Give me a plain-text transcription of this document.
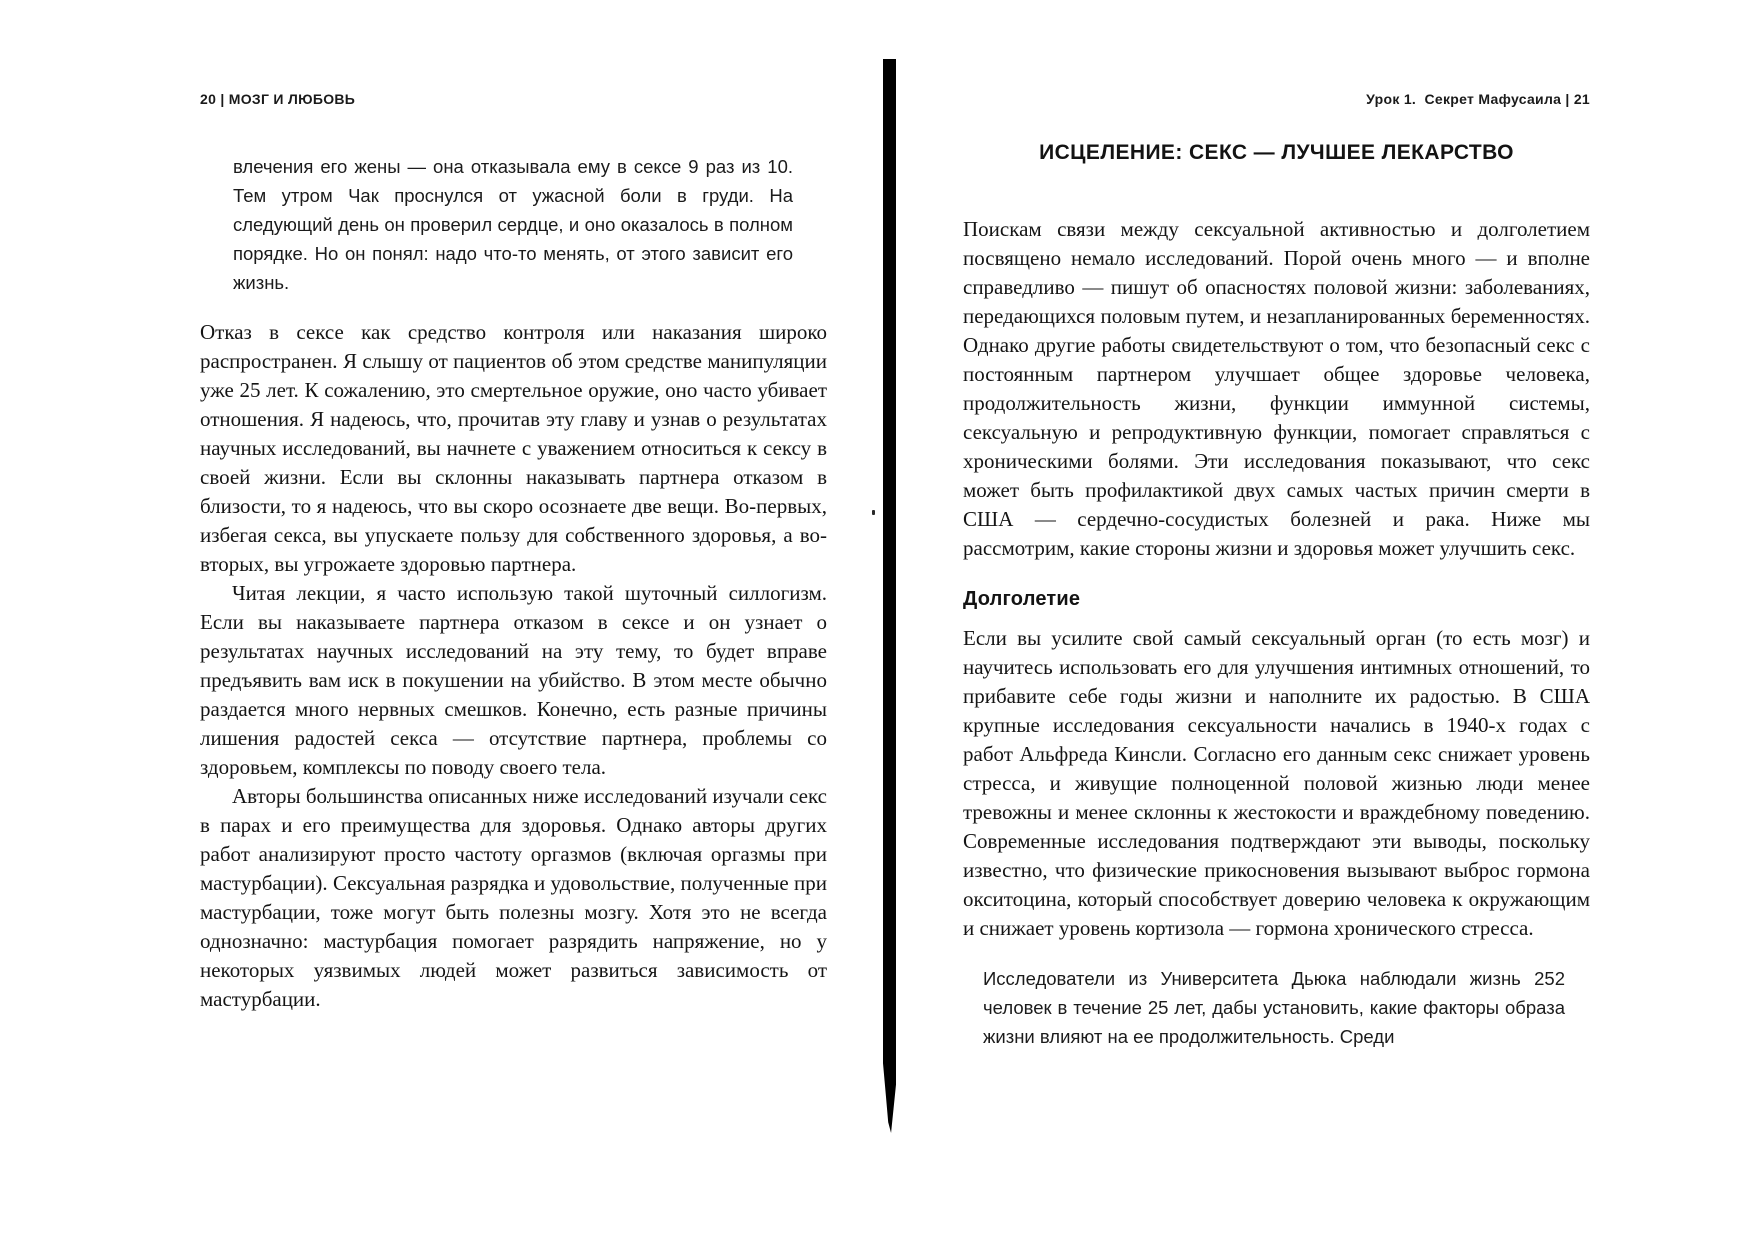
20 | МОЗГ И ЛЮБОВЬ
влечения его жены — она отказывала ему в сексе 9 раз из 10. Тем утром Чак проснулся от ужасной боли в груди. На следующий день он проверил сердце, и оно оказалось в полном порядке. Но он понял: надо что-то менять, от этого зависит его жизнь.

Отказ в сексе как средство контроля или наказания широко распространен. Я слышу от пациентов об этом средстве манипуляции уже 25 лет. К сожалению, это смертельное оружие, оно часто убивает отношения. Я надеюсь, что, прочитав эту главу и узнав о результатах научных исследований, вы начнете с уважением относиться к сексу в своей жизни. Если вы склонны наказывать партнера отказом в близости, то я надеюсь, что вы скоро осознаете две вещи. Во-первых, избегая секса, вы упускаете пользу для собственного здоровья, а во-вторых, вы угрожаете здоровью партнера.

Читая лекции, я часто использую такой шуточный силлогизм. Если вы наказываете партнера отказом в сексе и он узнает о результатах научных исследований на эту тему, то будет вправе предъявить вам иск в покушении на убийство. В этом месте обычно раздается много нервных смешков. Конечно, есть разные причины лишения радостей секса — отсутствие партнера, проблемы со здоровьем, комплексы по поводу своего тела.

Авторы большинства описанных ниже исследований изучали секс в парах и его преимущества для здоровья. Однако авторы других работ анализируют просто частоту оргазмов (включая оргазмы при мастурбации). Сексуальная разрядка и удовольствие, полученные при мастурбации, тоже могут быть полезны мозгу. Хотя это не всегда однозначно: мастурбация помогает разрядить напряжение, но у некоторых уязвимых людей может развиться зависимость от мастурбации.

Урок 1.  Секрет Мафусаила | 21
ИСЦЕЛЕНИЕ: СЕКС — ЛУЧШЕЕ ЛЕКАРСТВО

Поискам связи между сексуальной активностью и долголетием посвящено немало исследований. Порой очень много — и вполне справедливо — пишут об опасностях половой жизни: заболеваниях, передающихся половым путем, и незапланированных беременностях. Однако другие работы свидетельствуют о том, что безопасный секс с постоянным партнером улучшает общее здоровье человека, продолжительность жизни, функции иммунной системы, сексуальную и репродуктивную функции, помогает справляться с хроническими болями. Эти исследования показывают, что секс может быть профилактикой двух самых частых причин смерти в США — сердечно-сосудистых болезней и рака. Ниже мы рассмотрим, какие стороны жизни и здоровья может улучшить секс.

Долголетие

Если вы усилите свой самый сексуальный орган (то есть мозг) и научитесь использовать его для улучшения интимных отношений, то прибавите себе годы жизни и наполните их радостью. В США крупные исследования сексуальности начались в 1940-х годах с работ Альфреда Кинсли. Согласно его данным секс снижает уровень стресса, и живущие полноценной половой жизнью люди менее тревожны и менее склонны к жестокости и враждебному поведению. Современные исследования подтверждают эти выводы, поскольку известно, что физические прикосновения вызывают выброс гормона окситоцина, который способствует доверию человека к окружающим и снижает уровень кортизола — гормона хронического стресса.

Исследователи из Университета Дьюка наблюдали жизнь 252 человек в течение 25 лет, дабы установить, какие факторы образа жизни влияют на ее продолжительность. Среди
